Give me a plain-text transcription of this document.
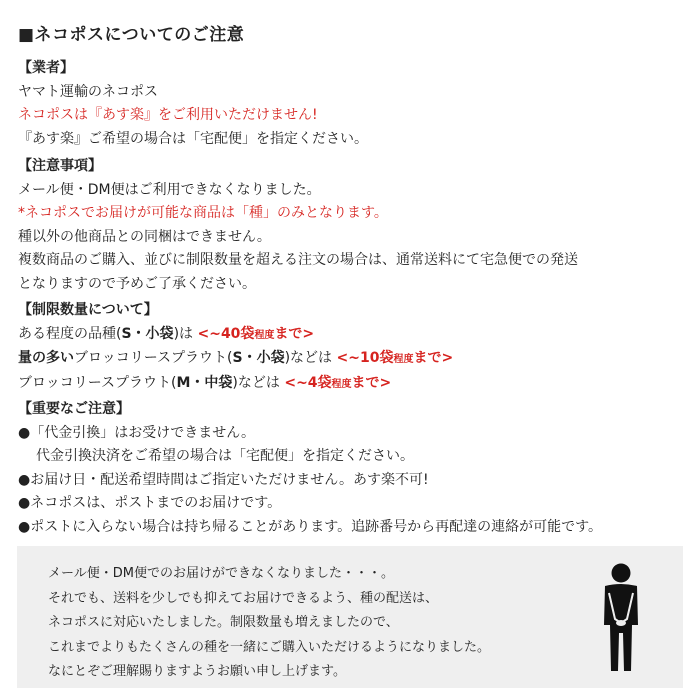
■ネコポスについてのご注意
【業者】
ヤマト運輸のネコポス
ネコポスは『あす楽』をご利用いただけません!
『あす楽』ご希望の場合は「宅配便」を指定ください。
【注意事項】
メール便・DM便はご利用できなくなりました。
*ネコポスでお届けが可能な商品は「種」のみとなります。
種以外の他商品との同梱はできません。
複数商品のご購入、並びに制限数量を超える注文の場合は、通常送料にて宅急便での発送
となりますので予めご了承ください。
【制限数量について】
ある程度の品種(S・小袋)は <~40袋程度まで>
量の多いブロッコリースプラウト(S・小袋)などは <~10袋程度まで>
ブロッコリースプラウト(M・中袋)などは <~4袋程度まで>
【重要なご注意】
●「代金引換」はお受けできません。
代金引換決済をご希望の場合は「宅配便」を指定ください。
●お届け日・配送希望時間はご指定いただけません。あす楽不可!
●ネコポスは、ポストまでのお届けです。
●ポストに入らない場合は持ち帰ることがあります。追跡番号から再配達の連絡が可能です。
メール便・DM便でのお届けができなくなりました・・・。
それでも、送料を少しでも抑えてお届けできるよう、種の配送は、
ネコポスに対応いたしました。制限数量も増えましたので、
これまでよりもたくさんの種を一緒にご購入いただけるようになりました。
なにとぞご理解賜りますようお願い申し上げます。
